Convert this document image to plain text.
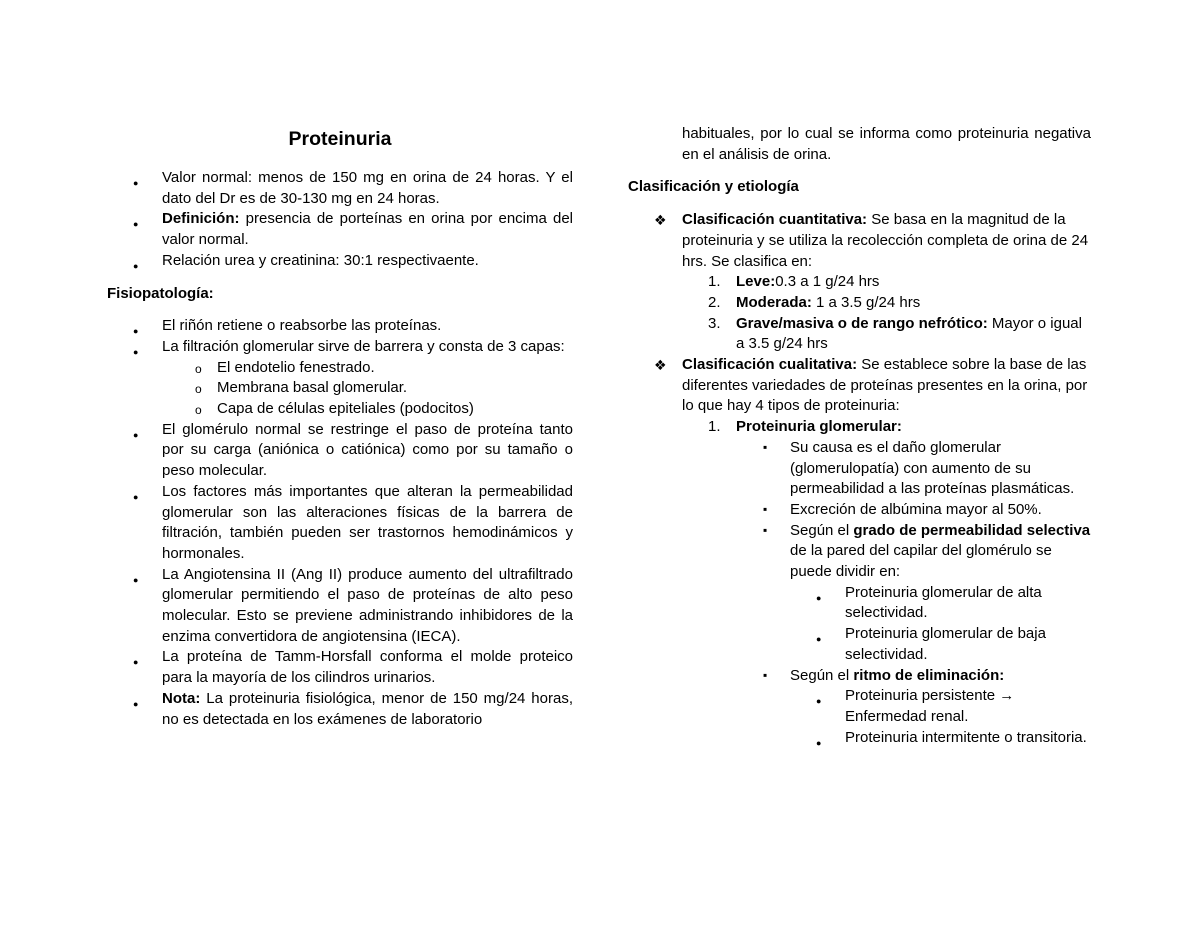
Proteinuria
● Valor normal: menos de 150 mg en orina de 24 horas. Y el dato del Dr es de 30-130 mg en 24 horas.
● Definición: presencia de porteínas en orina por encima del valor normal.
● Relación urea y creatinina: 30:1 respectivaente.
Fisiopatología:
● El riñón retiene o reabsorbe las proteínas.
● La filtración glomerular sirve de barrera y consta de 3 capas:
o El endotelio fenestrado.
o Membrana basal glomerular.
o Capa de células epiteliales (podocitos)
● El glomérulo normal se restringe el paso de proteína tanto por su carga (aniónica o catiónica) como por su tamaño o peso molecular.
● Los factores más importantes que alteran la permeabilidad glomerular son las alteraciones físicas de la barrera de filtración, también pueden ser trastornos hemodinámicos y hormonales.
● La Angiotensina II (Ang II) produce aumento del ultrafiltrado glomerular permitiendo el paso de proteínas de alto peso molecular. Esto se previene administrando inhibidores de la enzima convertidora de angiotensina (IECA).
● La proteína de Tamm-Horsfall conforma el molde proteico para la mayoría de los cilindros urinarios.
● Nota: La proteinuria fisiológica, menor de 150 mg/24 horas, no es detectada en los exámenes de laboratorio
habituales, por lo cual se informa como proteinuria negativa en el análisis de orina.
Clasificación y etiología
❖ Clasificación cuantitativa: Se basa en la magnitud de la proteinuria y se utiliza la recolección completa de orina de 24 hrs. Se clasifica en:
1. Leve:0.3 a 1 g/24 hrs
2. Moderada: 1 a 3.5 g/24 hrs
3. Grave/masiva o de rango nefrótico: Mayor o igual a 3.5 g/24 hrs
❖ Clasificación cualitativa: Se establece sobre la base de las diferentes variedades de proteínas presentes en la orina, por lo que hay 4 tipos de proteinuria:
1. Proteinuria glomerular:
▪ Su causa es el daño glomerular (glomerulopatía) con aumento de su permeabilidad a las proteínas plasmáticas.
▪ Excreción de albúmina mayor al 50%.
▪ Según el grado de permeabilidad selectiva de la pared del capilar del glomérulo se puede dividir en:
● Proteinuria glomerular de alta selectividad.
● Proteinuria glomerular de baja selectividad.
▪ Según el ritmo de eliminación:
● Proteinuria persistente → Enfermedad renal.
● Proteinuria intermitente o transitoria.
